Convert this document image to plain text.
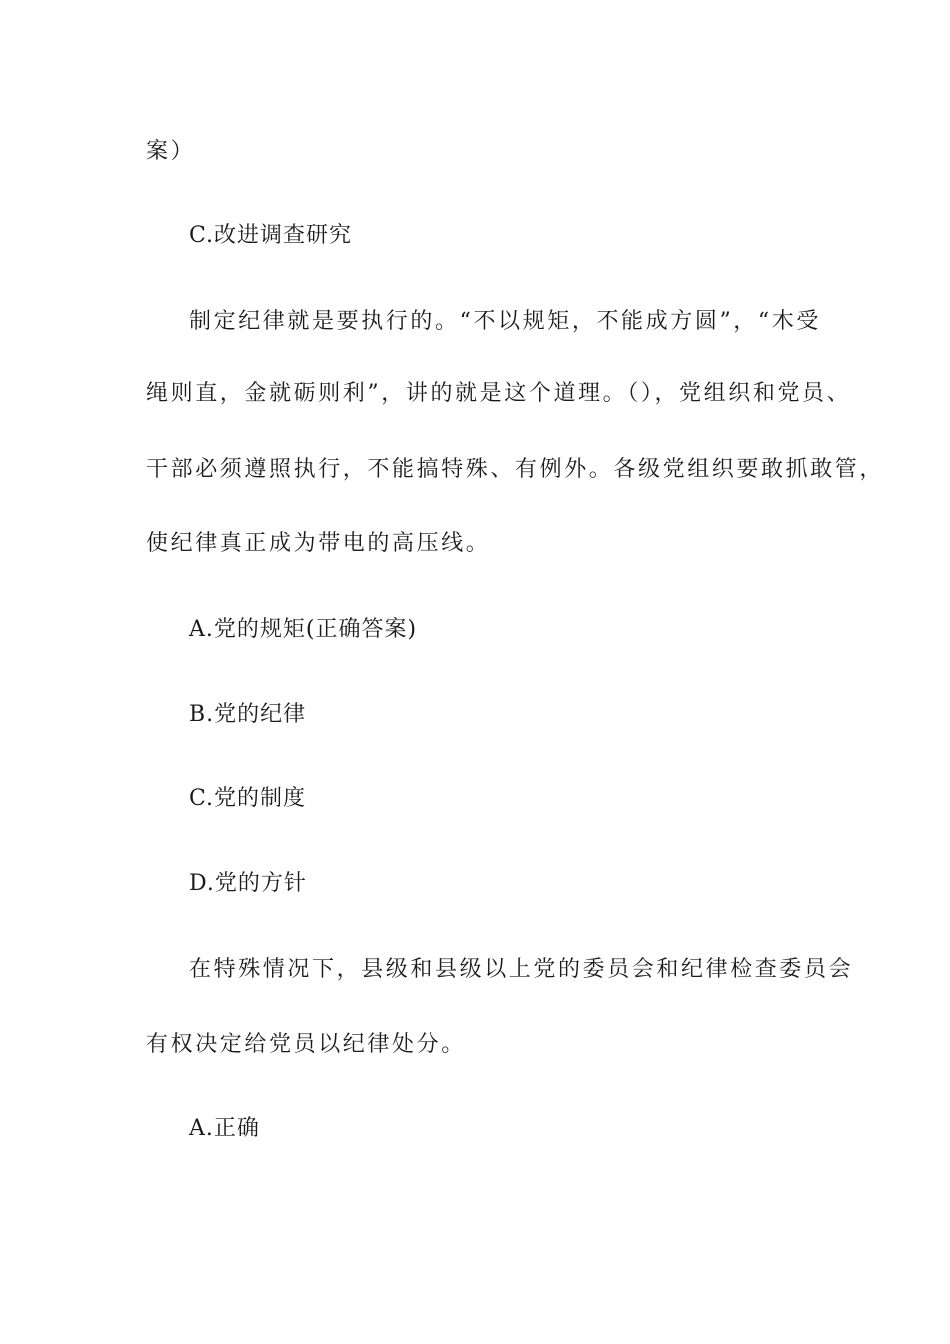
案）
C.改进调查研究
制定纪律就是要执行的。“不以规矩，不能成方圆”，“木受
绳则直，金就砺则利”，讲的就是这个道理。（），党组织和党员、
干部必须遵照执行，不能搞特殊、有例外。各级党组织要敢抓敢管，
使纪律真正成为带电的高压线。
A.党的规矩(正确答案)
B.党的纪律
C.党的制度
D.党的方针
在特殊情况下，县级和县级以上党的委员会和纪律检查委员会
有权决定给党员以纪律处分。
A.正确
